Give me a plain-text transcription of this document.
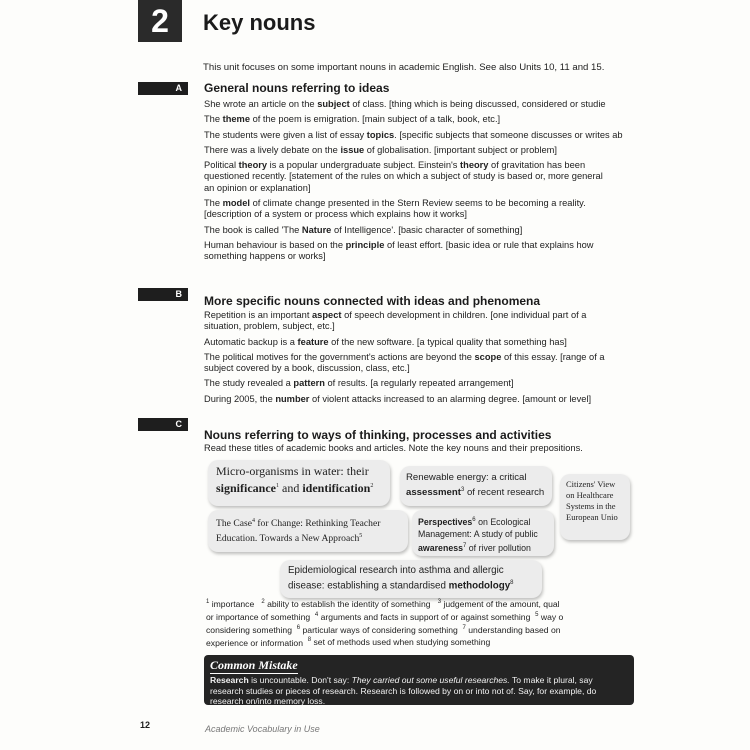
2	Key nouns
This unit focuses on some important nouns in academic English. See also Units 10, 11 and 15.
A	General nouns referring to ideas

She wrote an article on the subject of class. [thing which is being discussed, considered or studie

The theme of the poem is emigration. [main subject of a talk, book, etc.]

The students were given a list of essay topics. [specific subjects that someone discusses or writes ab

There was a lively debate on the issue of globalisation. [important subject or problem]

Political theory is a popular undergraduate subject. Einstein's theory of gravitation has been
questioned recently. [statement of the rules on which a subject of study is based or, more general
an opinion or explanation]

The model of climate change presented in the Stern Review seems to be becoming a reality.
[description of a system or process which explains how it works]

The book is called 'The Nature of Intelligence'. [basic character of something]

Human behaviour is based on the principle of least effort. [basic idea or rule that explains how
something happens or works]

B	More specific nouns connected with ideas and phenomena

Repetition is an important aspect of speech development in children. [one individual part of a
situation, problem, subject, etc.]

Automatic backup is a feature of the new software. [a typical quality that something has]

The political motives for the government's actions are beyond the scope of this essay. [range of a
subject covered by a book, discussion, class, etc.]

The study revealed a pattern of results. [a regularly repeated arrangement]

During 2005, the number of violent attacks increased to an alarming degree. [amount or level]

C
Nouns referring to ways of thinking, processes and activities

Read these titles of academic books and articles. Note the key nouns and their prepositions.

Micro-organisms in water: their
significance$^1$ and identification$^2$
Renewable energy: a critical
assessment$^3$ of recent research
Citizens' View
on Healthcare
Systems in the
European Unio
The Case$^4$ for Change: Rethinking Teacher
Education. Towards a New Approach$^5$
Perspectives$^6$ on Ecological
Management: A study of public
awareness$^7$ of river pollution
Epidemiological research into asthma and allergic
disease: establishing a standardised methodology$^8$
$^1$ importance $^2$ ability to establish the identity of something $^3$ judgement of the amount, qual
or importance of something $^4$ arguments and facts in support of or against something $^5$ way o
considering something $^6$ particular ways of considering something $^7$ understanding based on
experience or information $^8$ set of methods used when studying something
Common Mistake
Research is uncountable. Don't say: They carried out some useful researches. To make it plural, say
research studies or pieces of research. Research is followed by on or into not of. Say, for example, do
research on/into memory loss.
12	Academic Vocabulary in Use
